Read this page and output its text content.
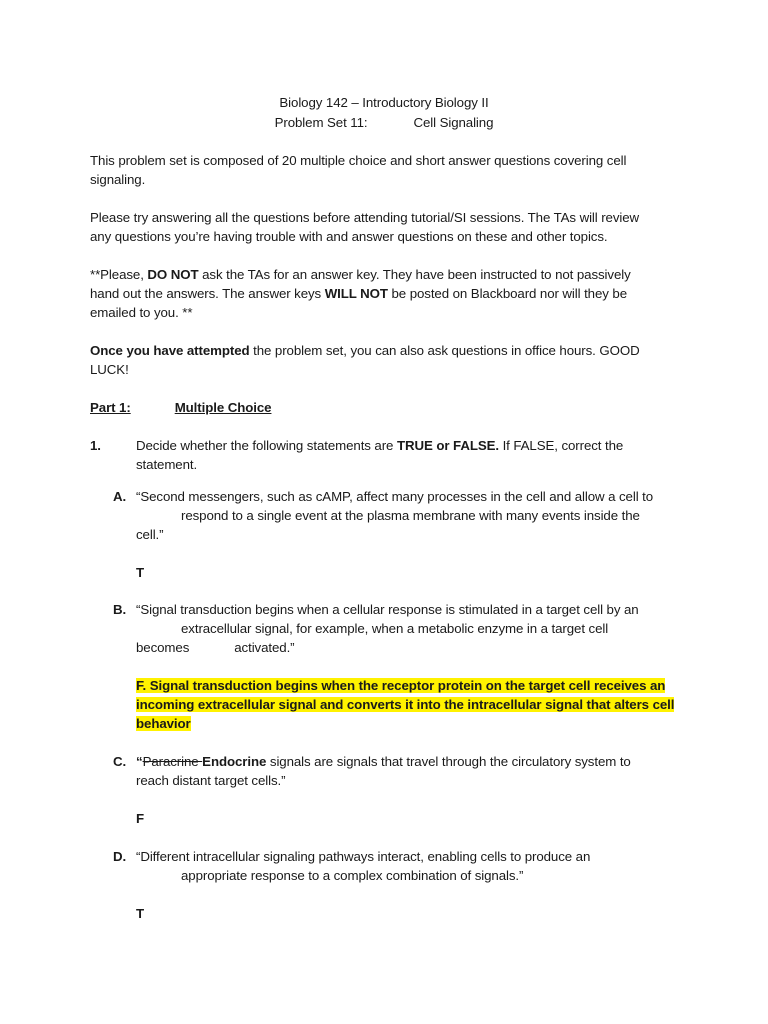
Biology 142 – Introductory Biology II
Problem Set 11:	Cell Signaling
This problem set is composed of 20 multiple choice and short answer questions covering cell
signaling.
Please try answering all the questions before attending tutorial/SI sessions. The TAs will review
any questions you’re having trouble with and answer questions on these and other topics.
**Please, DO NOT ask the TAs for an answer key. They have been instructed to not passively
hand out the answers. The answer keys WILL NOT be posted on Blackboard nor will they be
emailed to you. **
Once you have attempted the problem set, you can also ask questions in office hours. GOOD
LUCK!
Part 1:	Multiple Choice
1.	Decide whether the following statements are TRUE or FALSE. If FALSE, correct the
statement.
A. “Second messengers, such as cAMP, affect many processes in the cell and allow a cell to
respond to a single event at the plasma membrane with many events inside the
cell.”
T
B. “Signal transduction begins when a cellular response is stimulated in a target cell by an
extracellular signal, for example, when a metabolic enzyme in a target cell
becomes	activated.”
F. Signal transduction begins when the receptor protein on the target cell receives an
incoming extracellular signal and converts it into the intracellular signal that alters cell
behavior
C. “Paracrine Endocrine signals are signals that travel through the circulatory system to
reach distant target cells.”
F
D. “Different intracellular signaling pathways interact, enabling cells to produce an
appropriate response to a complex combination of signals.”
T
